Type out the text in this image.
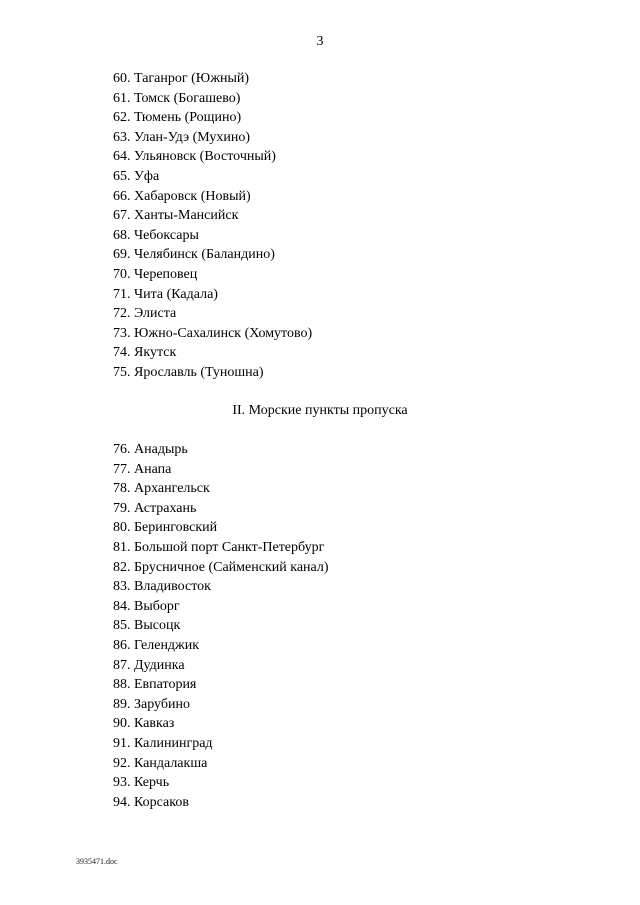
3
60. Таганрог (Южный)
61. Томск (Богашево)
62. Тюмень (Рощино)
63. Улан-Удэ (Мухино)
64. Ульяновск (Восточный)
65. Уфа
66. Хабаровск (Новый)
67. Ханты-Мансийск
68. Чебоксары
69. Челябинск (Баландино)
70. Череповец
71. Чита (Кадала)
72. Элиста
73. Южно-Сахалинск (Хомутово)
74. Якутск
75. Ярославль (Туношна)
II. Морские пункты пропуска
76. Анадырь
77. Анапа
78. Архангельск
79. Астрахань
80. Беринговский
81. Большой порт Санкт-Петербург
82. Брусничное (Сайменский канал)
83. Владивосток
84. Выборг
85. Высоцк
86. Геленджик
87. Дудинка
88. Евпатория
89. Зарубино
90. Кавказ
91. Калининград
92. Кандалакша
93. Керчь
94. Корсаков
3935471.doc
